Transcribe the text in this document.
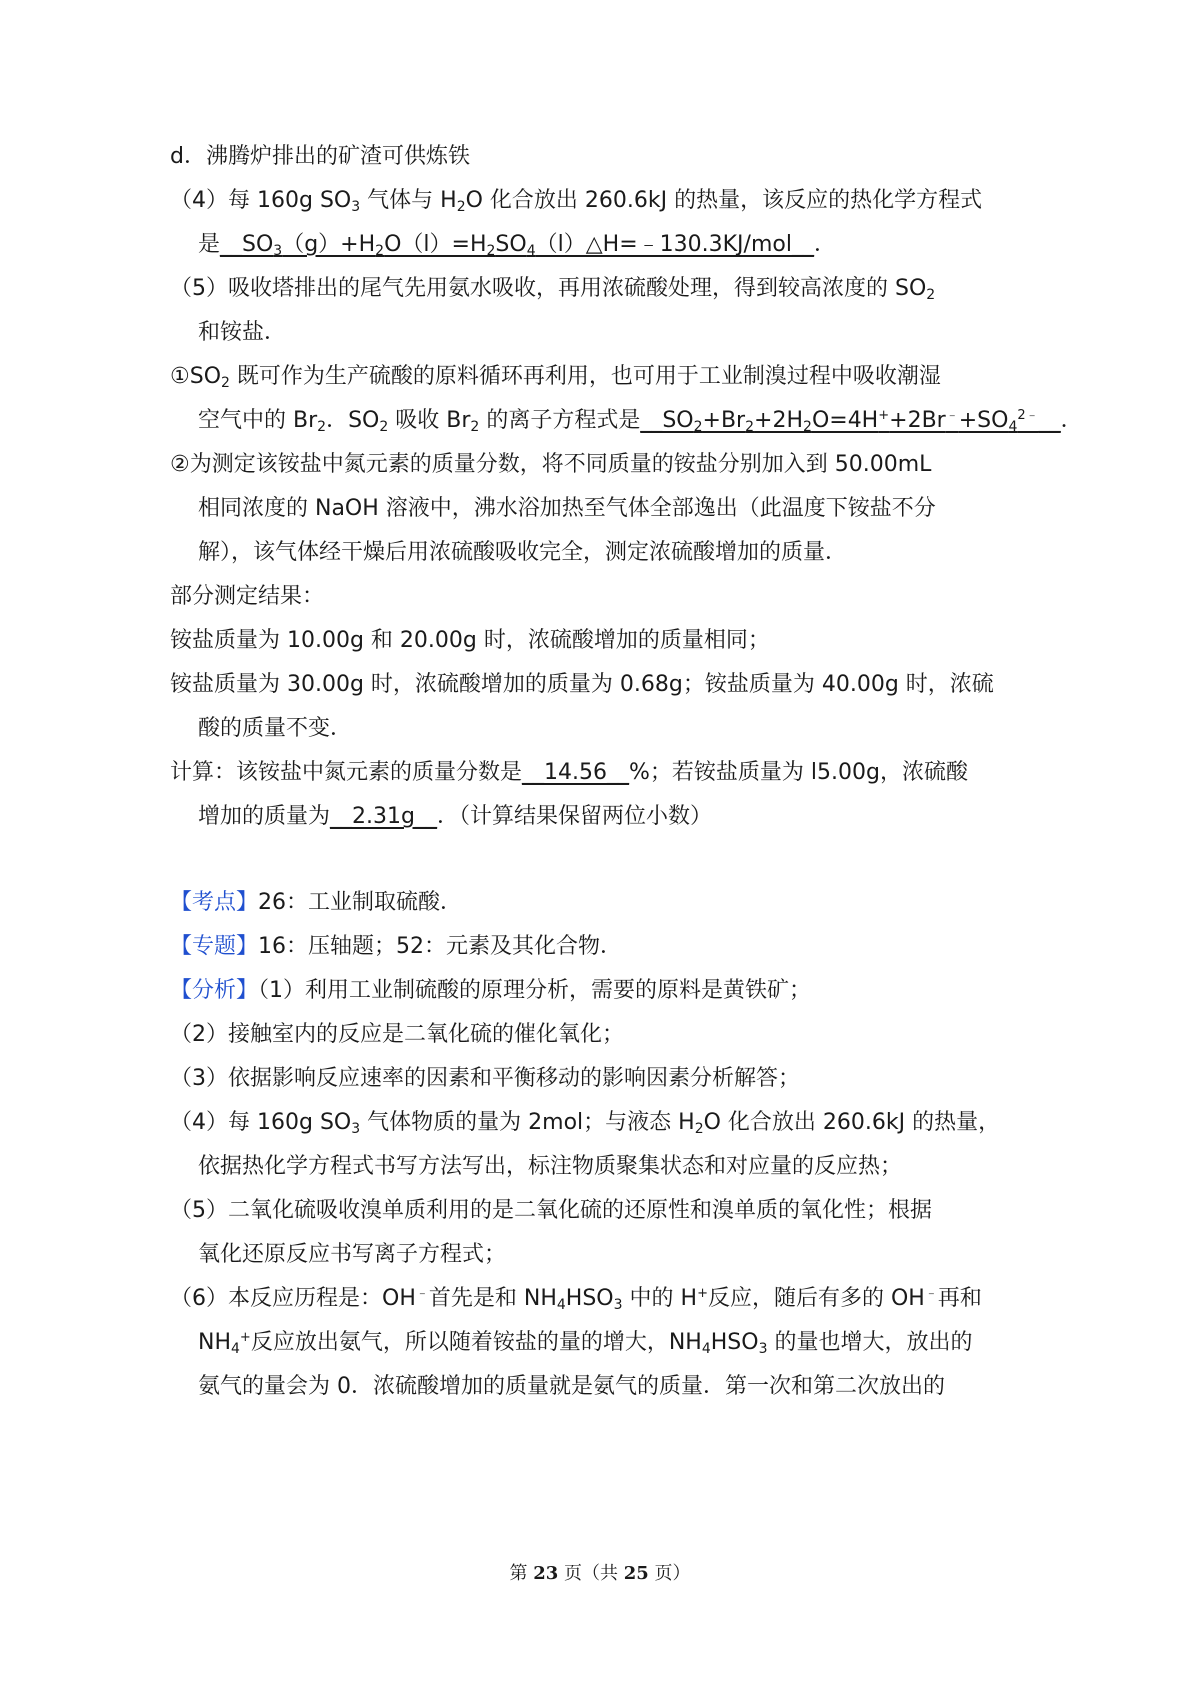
d．沸腾炉排出的矿渣可供炼铁
（4）每 160g $SO_3$ 气体与 $H_2O$ 化合放出 260.6kJ 的热量，该反应的热化学方程式
是$\_\_SO_3(g)+H_2O(l)=H_2SO_4(l)\triangle H=﹣130.3KJ/mol\_\_$．
（5）吸收塔排出的尾气先用氨水吸收，再用浓硫酸处理，得到较高浓度的 $SO_2$
和铵盐．
$①SO_2$ 既可作为生产硫酸的原料循环再利用，也可用于工业制溴过程中吸收潮湿
空气中的 $Br_2$．$SO_2$ 吸收 $Br_2$ 的离子方程式是$\_\_SO_2+Br_2+2H_2O=4H^++2Br^﹣+SO_4^{2﹣}\_\_$．
②为测定该铵盐中氮元素的质量分数，将不同质量的铵盐分别加入到 50.00mL
相同浓度的 NaOH 溶液中，沸水浴加热至气体全部逸出（此温度下铵盐不分
解），该气体经干燥后用浓硫酸吸收完全，测定浓硫酸增加的质量．
部分测定结果：
铵盐质量为 10.00g 和 20.00g 时，浓硫酸增加的质量相同；
铵盐质量为 30.00g 时，浓硫酸增加的质量为 0.68g；铵盐质量为 40.00g 时，浓硫
酸的质量不变．
计算：该铵盐中氮元素的质量分数是__14.56__%；若铵盐质量为 l5.00g，浓硫酸
增加的质量为__2.31g__．（计算结果保留两位小数）
【考点】26：工业制取硫酸．
【专题】16：压轴题；52：元素及其化合物．
【分析】（1）利用工业制硫酸的原理分析，需要的原料是黄铁矿；
（2）接触室内的反应是二氧化硫的催化氧化；
（3）依据影响反应速率的因素和平衡移动的影响因素分析解答；
（4）每 160g $SO_3$ 气体物质的量为 2mol；与液态 $H_2O$ 化合放出 260.6kJ 的热量，
依据热化学方程式书写方法写出，标注物质聚集状态和对应量的反应热；
（5）二氧化硫吸收溴单质利用的是二氧化硫的还原性和溴单质的氧化性；根据
氧化还原反应书写离子方程式；
（6）本反应历程是：OH﹣首先是和 $NH_4HSO_3$ 中的 H+反应，随后有多的 OH﹣再和
$NH_4^+$反应放出氨气，所以随着铵盐的量的增大，$NH_4HSO_3$ 的量也增大，放出的
氨气的量会为 0．浓硫酸增加的质量就是氨气的质量．第一次和第二次放出的
第 23 页（共 25 页）
